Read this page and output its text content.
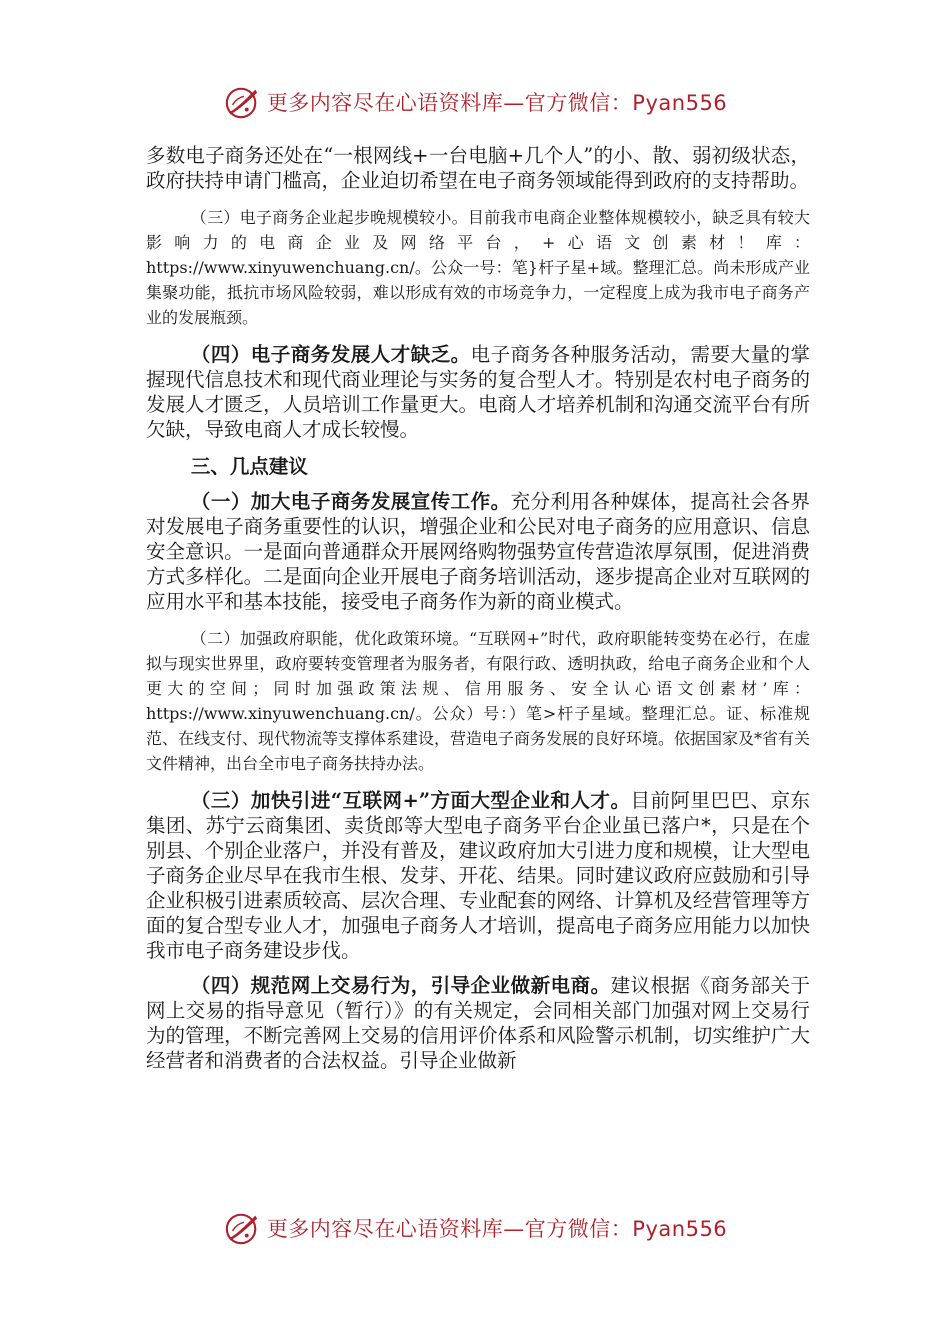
更多内容尽在心语资料库—官方微信：Pyan556

多数电子商务还处在“一根网线+一台电脑+几个人”的小、散、弱初级状态，政府扶持申请门槛高，企业迫切希望在电子商务领域能得到政府的支持帮助。

（三）电子商务企业起步晚规模较小。目前我市电商企业整体规模较小，缺乏具有较大影响力的电商企业及网络平台，+心语文创素材！库：https://www.xinyuwenchuang.cn/。公众一号：笔}杆子星+域。整理汇总。尚未形成产业集聚功能，抵抗市场风险较弱，难以形成有效的市场竞争力，一定程度上成为我市电子商务产业的发展瓶颈。

（四）电子商务发展人才缺乏。电子商务各种服务活动，需要大量的掌握现代信息技术和现代商业理论与实务的复合型人才。特别是农村电子商务的发展人才匮乏，人员培训工作量更大。电商人才培养机制和沟通交流平台有所欠缺，导致电商人才成长较慢。

三、几点建议

（一）加大电子商务发展宣传工作。充分利用各种媒体，提高社会各界对发展电子商务重要性的认识，增强企业和公民对电子商务的应用意识、信息安全意识。一是面向普通群众开展网络购物强势宣传营造浓厚氛围，促进消费方式多样化。二是面向企业开展电子商务培训活动，逐步提高企业对互联网的应用水平和基本技能，接受电子商务作为新的商业模式。

（二）加强政府职能，优化政策环境。“互联网+”时代，政府职能转变势在必行，在虚拟与现实世界里，政府要转变管理者为服务者，有限行政、透明执政，给电子商务企业和个人更大的空间；同时加强政策法规、信用服务、安全认心语文创素材’库：https://www.xinyuwenchuang.cn/。公众）号：）笔>杆子星域。整理汇总。证、标准规范、在线支付、现代物流等支撑体系建设，营造电子商务发展的良好环境。依据国家及*省有关文件精神，出台全市电子商务扶持办法。

（三）加快引进“互联网+”方面大型企业和人才。目前阿里巴巴、京东集团、苏宁云商集团、卖货郎等大型电子商务平台企业虽已落户*，只是在个别县、个别企业落户，并没有普及，建议政府加大引进力度和规模，让大型电子商务企业尽早在我市生根、发芽、开花、结果。同时建议政府应鼓励和引导企业积极引进素质较高、层次合理、专业配套的网络、计算机及经营管理等方面的复合型专业人才，加强电子商务人才培训，提高电子商务应用能力以加快我市电子商务建设步伐。

（四）规范网上交易行为，引导企业做新电商。建议根据《商务部关于网上交易的指导意见（暂行）》的有关规定，会同相关部门加强对网上交易行为的管理，不断完善网上交易的信用评价体系和风险警示机制，切实维护广大经营者和消费者的合法权益。引导企业做新

更多内容尽在心语资料库—官方微信：Pyan556
